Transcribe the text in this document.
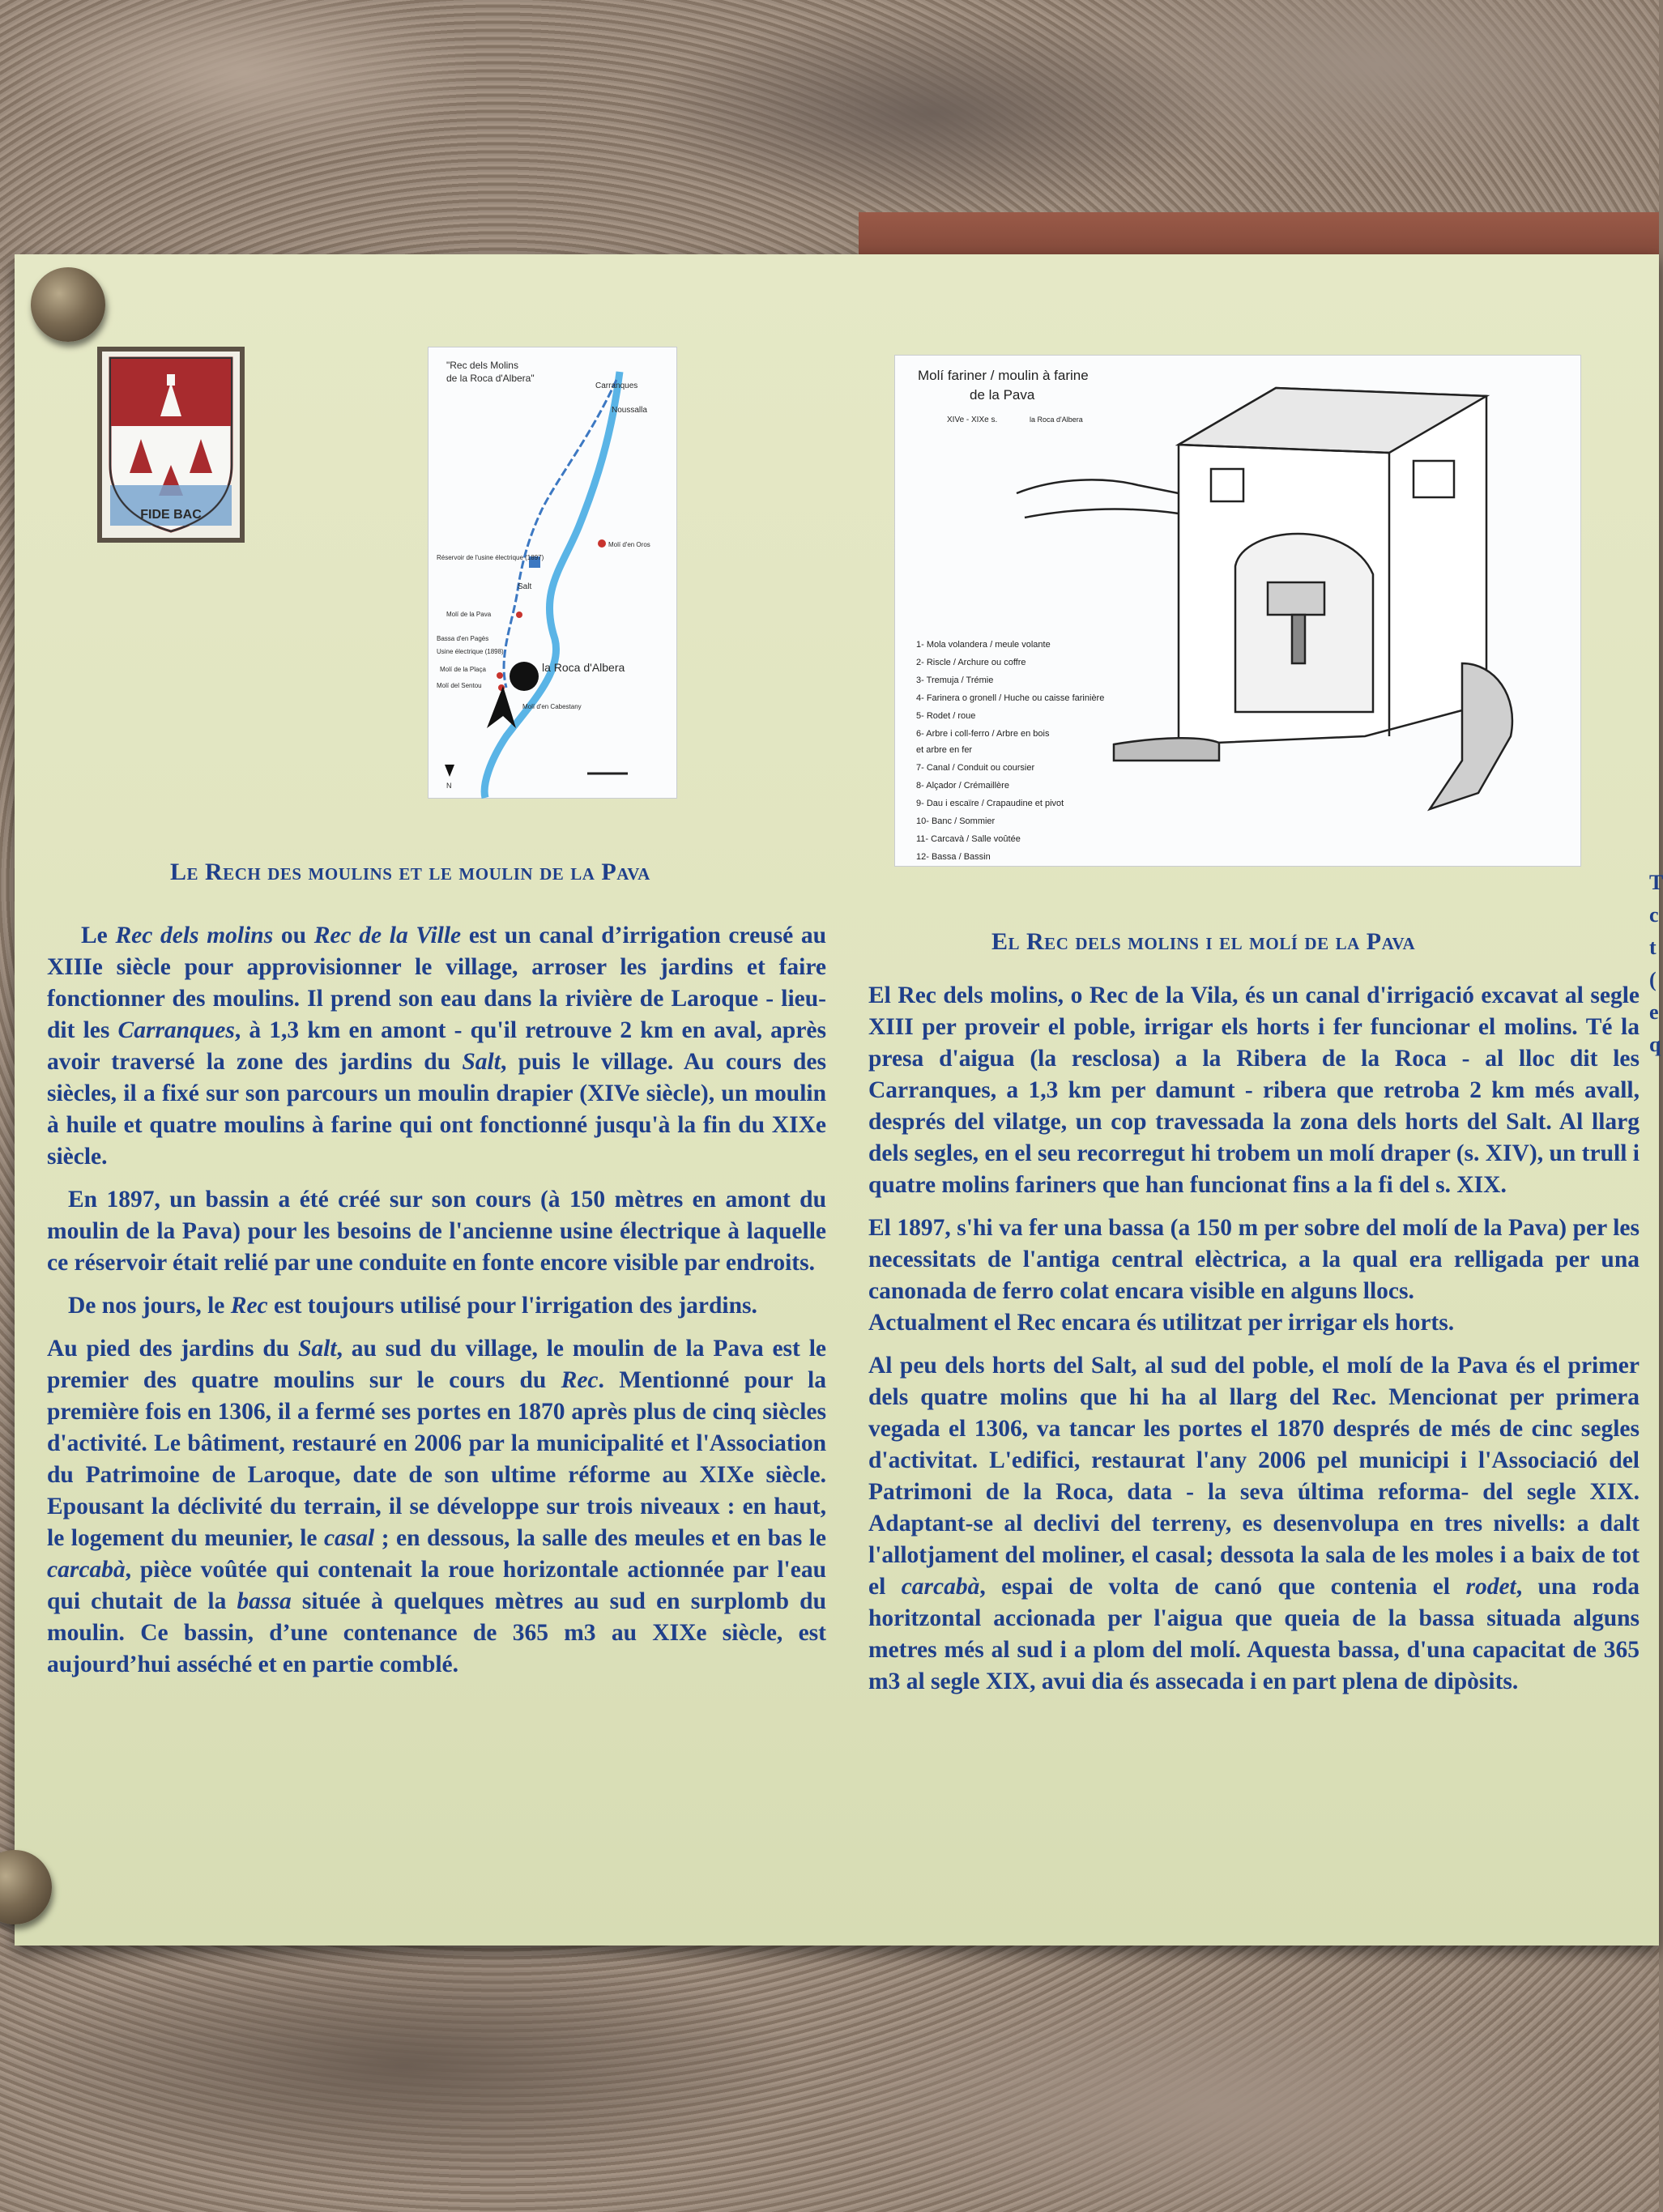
FIDE BAC
"Rec dels Molins
de la Roca d'Albera"
Carranques
Noussalla
Réservoir de l'usine électrique (1897)
Salt
Molí d'en Oros
Molí de la Pava
Bassa d'en Pagès
Usine électrique (1898)
Molí de la Plaça
Molí del Sentou
la Roca d'Albera
Molí d'en Cabestany
N
Molí fariner / moulin à farine
de la Pava
XIVe - XIXe s.	la Roca d'Albera
1- Mola volandera / meule volante
2- Riscle / Archure ou coffre
3- Tremuja / Trémie
4- Farinera o gronell / Huche ou caisse farinière
5- Rodet / roue
6- Arbre i coll-ferro / Arbre en bois
et arbre en fer
7- Canal / Conduit ou coursier
8- Alçador / Crémaillère
9- Dau i escaïre / Crapaudine et pivot
10- Banc / Sommier
11- Carcavà / Salle voûtée
12- Bassa / Bassin
Le Rech des moulins et le moulin de la Pava

Le Rec dels molins ou Rec de la Ville est un canal d’irrigation creusé au XIIIe siècle pour approvisionner le village, arroser les jardins et faire fonctionner des moulins. Il prend son eau dans la rivière de Laroque - lieu-dit les Carranques, à 1,3 km en amont - qu'il retrouve 2 km en aval, après avoir traversé la zone des jardins du Salt, puis le village. Au cours des siècles, il a fixé sur son parcours un moulin drapier (XIVe siècle), un moulin à huile et quatre moulins à farine qui ont fonctionné jusqu'à la fin du XIXe siècle.

En 1897, un bassin a été créé sur son cours (à 150 mètres en amont du moulin de la Pava) pour les besoins de l'ancienne usine électrique à laquelle ce réservoir était relié par une conduite en fonte encore visible par endroits.

De nos jours, le Rec est toujours utilisé pour l'irrigation des jardins.

Au pied des jardins du Salt, au sud du village, le moulin de la Pava est le premier des quatre moulins sur le cours du Rec. Mentionné pour la première fois en 1306, il a fermé ses portes en 1870 après plus de cinq siècles d'activité. Le bâtiment, restauré en 2006 par la municipalité et l'Association du Patrimoine de Laroque, date de son ultime réforme au XIXe siècle. Epousant la déclivité du terrain, il se développe sur trois niveaux : en haut, le logement du meunier, le casal ; en dessous, la salle des meules et en bas le carcabà, pièce voûtée qui contenait la roue horizontale actionnée par l'eau qui chutait de la bassa située à quelques mètres au sud en surplomb du moulin. Ce bassin, d’une contenance de 365 m3 au XIXe siècle, est aujourd’hui asséché et en partie comblé.

El Rec dels molins i el molí de la Pava

El Rec dels molins, o Rec de la Vila, és un canal d'irrigació excavat al segle XIII per proveir el poble, irrigar els horts i fer funcionar el molins. Té la presa d'aigua (la resclosa) a la Ribera de la Roca - al lloc dit les Carranques, a 1,3 km per damunt - ribera que retroba 2 km més avall, després del vilatge, un cop travessada la zona dels horts del Salt. Al llarg dels segles, en el seu recorregut hi trobem un molí draper (s. XIV), un trull i quatre molins fariners que han funcionat fins a la fi del s. XIX.

El 1897, s'hi va fer una bassa (a 150 m per sobre del molí de la Pava) per les necessitats de l'antiga central elèctrica, a la qual era relligada per una canonada de ferro colat encara visible en alguns llocs.

Actualment el Rec encara és utilitzat per irrigar els horts.

Al peu dels horts del Salt, al sud del poble, el molí de la Pava és el primer dels quatre molins que hi ha al llarg del Rec. Mencionat per primera vegada el 1306, va tancar les portes el 1870 després de més de cinc segles d'activitat. L'edifici, restaurat l'any 2006 pel municipi i l'Associació del Patrimoni de la Roca, data - la seva última reforma- del segle XIX. Adaptant-se al declivi del terreny, es desenvolupa en tres nivells: a dalt l'allotjament del moliner, el casal; dessota la sala de les moles i a baix de tot el carcabà, espai de volta de canó que contenia el rodet, una roda horitzontal accionada per l'aigua que queia de la bassa situada alguns metres més al sud i a plom del molí. Aquesta bassa, d'una capacitat de 365 m3 al segle XIX, avui dia és assecada i en part plena de dipòsits.

T c t ( e q
